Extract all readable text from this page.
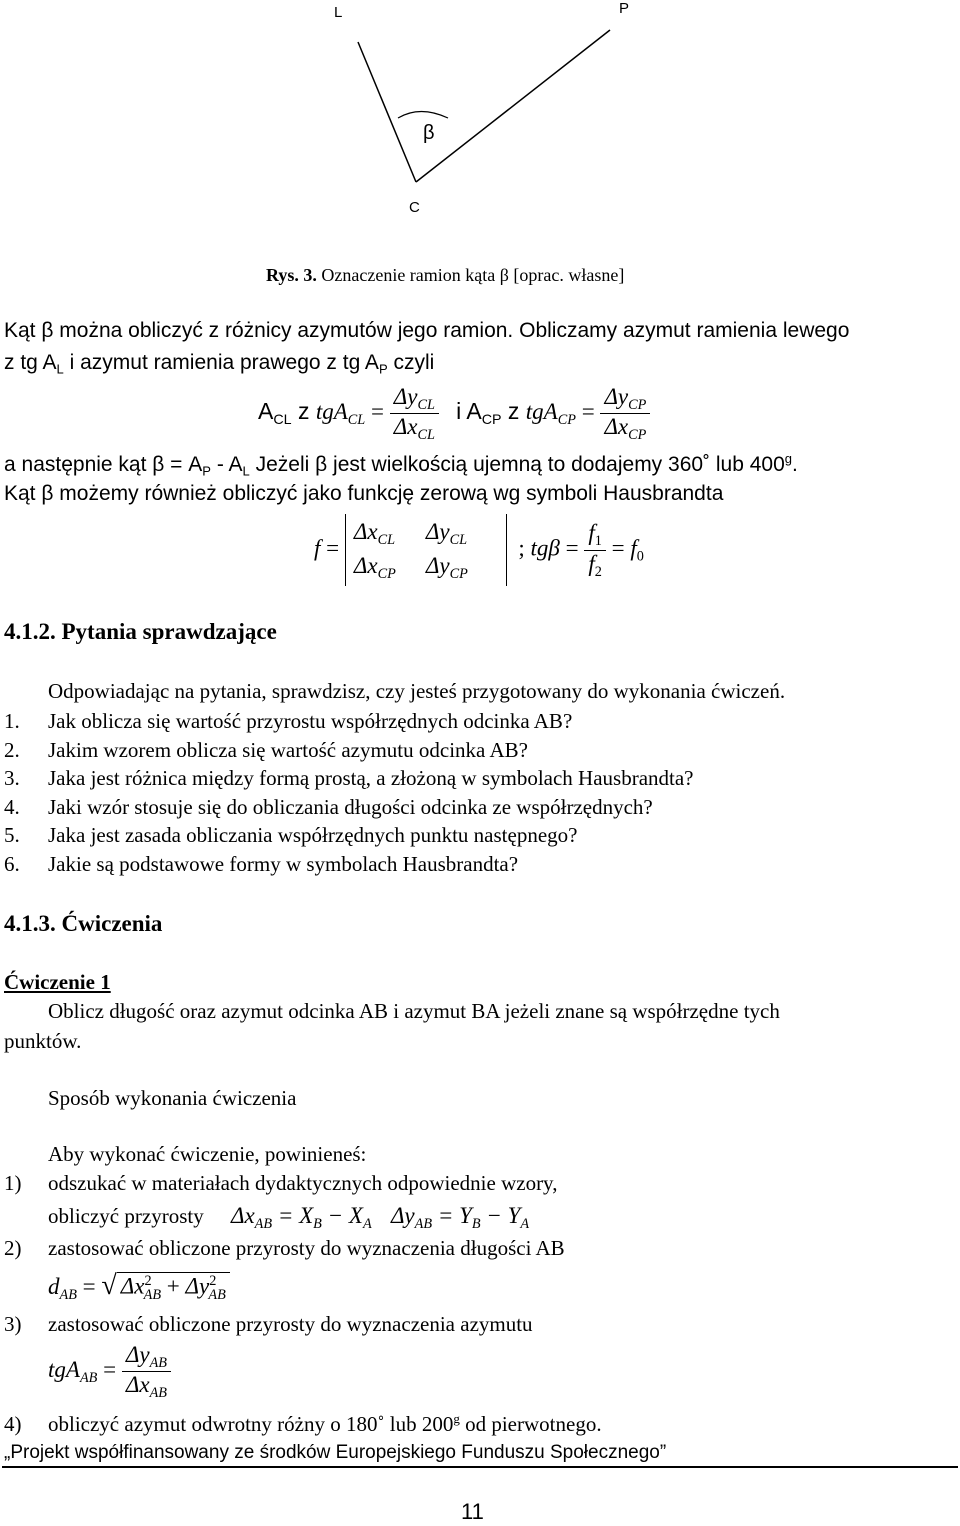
L	P
C
β
Rys. 3. Oznaczenie ramion kąta β [oprac. własne]
Kąt β można obliczyć z różnicy azymutów jego ramion. Obliczamy azymut ramienia lewego
z tg $A_L$ i azymut ramienia prawego z tg $A_P$ czyli
$A_{CL}$ z $tgA_{CL} = \frac{\Delta y_{CL}}{\Delta x_{CL}}$ i $A_{CP}$ z $tgA_{CP} = \frac{\Delta y_{CP}}{\Delta x_{CP}}$
a następnie kąt $\beta = A_P - A_L$ Jeżeli β jest wielkością ujemną to dodajemy 360˚ lub 400$^g$.
Kąt β możemy również obliczyć jako funkcję zerową wg symboli Hausbrandta
$f = \Delta x_{CL}$ $\Delta y_{CL}$
$\Delta x_{CP}$ $\Delta y_{CP}$  ; $tg\beta = \frac{f_1}{f_2} = f_0$
4.1.2. Pytania sprawdzające
Odpowiadając na pytania, sprawdzisz, czy jesteś przygotowany do wykonania ćwiczeń.
1. Jak oblicza się wartość przyrostu współrzędnych odcinka AB?
2. Jakim wzorem oblicza się wartość azymutu odcinka AB?
3. Jaka jest różnica między formą prostą, a złożoną w symbolach Hausbrandta?
4. Jaki wzór stosuje się do obliczania długości odcinka ze współrzędnych?
5. Jaka jest zasada obliczania współrzędnych punktu następnego?
6. Jakie są podstawowe formy w symbolach Hausbrandta?
4.1.3. Ćwiczenia
Ćwiczenie 1
Oblicz długość oraz azymut odcinka AB i azymut BA jeżeli znane są współrzędne tych
punktów.
Sposób wykonania ćwiczenia
Aby wykonać ćwiczenie, powinieneś:
1) odszukać w materiałach dydaktycznych odpowiednie wzory,
obliczyć przyrosty $\Delta x_{AB} = X_B - X_A$ $\Delta y_{AB} = Y_B - Y_A$
2) zastosować obliczone przyrosty do wyznaczenia długości AB
$d_{AB}$ = √ $\Delta x^2_{AB} + \Delta y^2_{AB}$
3) zastosować obliczone przyrosty do wyznaczenia azymutu
$tgA_{AB} = \frac{\Delta y_{AB}}{\Delta x_{AB}}$
4) obliczyć azymut odwrotny różny o 180˚ lub 200$^g$ od pierwotnego.
„Projekt współfinansowany ze środków Europejskiego Funduszu Społecznego”
11
